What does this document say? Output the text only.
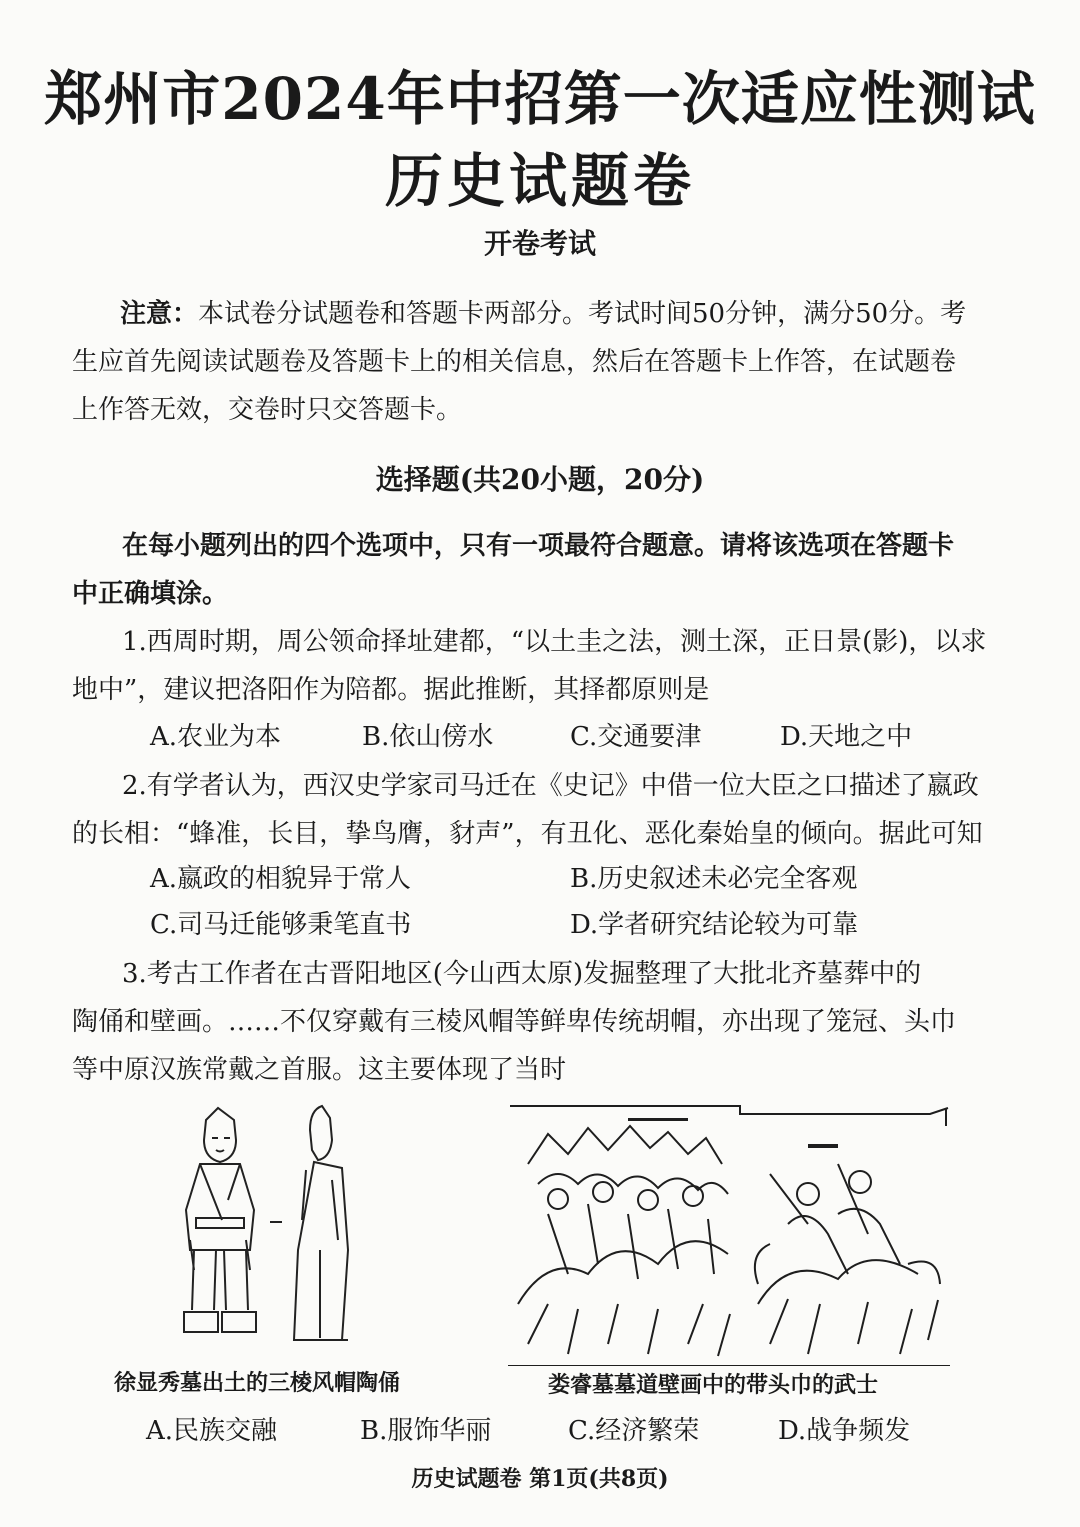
郑州市2024年中招第一次适应性测试
历史试题卷
开卷考试
注意：本试卷分试题卷和答题卡两部分。考试时间50分钟，满分50分。考
生应首先阅读试题卷及答题卡上的相关信息，然后在答题卡上作答，在试题卷
上作答无效，交卷时只交答题卡。
选择题(共20小题，20分)
在每小题列出的四个选项中，只有一项最符合题意。请将该选项在答题卡
中正确填涂。
1.西周时期，周公领命择址建都，“以土圭之法，测土深，正日景(影)，以求
地中”，建议把洛阳作为陪都。据此推断，其择都原则是
A.农业为本	B.依山傍水	C.交通要津	D.天地之中
2.有学者认为，西汉史学家司马迁在《史记》中借一位大臣之口描述了嬴政
的长相：“蜂准，长目，挚鸟膺，豺声”，有丑化、恶化秦始皇的倾向。据此可知
A.嬴政的相貌异于常人	B.历史叙述未必完全客观
C.司马迁能够秉笔直书	D.学者研究结论较为可靠
3.考古工作者在古晋阳地区(今山西太原)发掘整理了大批北齐墓葬中的
陶俑和壁画。……不仅穿戴有三棱风帽等鲜卑传统胡帽，亦出现了笼冠、头巾
等中原汉族常戴之首服。这主要体现了当时
徐显秀墓出土的三棱风帽陶俑	娄睿墓墓道壁画中的带头巾的武士
A.民族交融	B.服饰华丽	C.经济繁荣	D.战争频发
历史试题卷 第1页(共8页)
